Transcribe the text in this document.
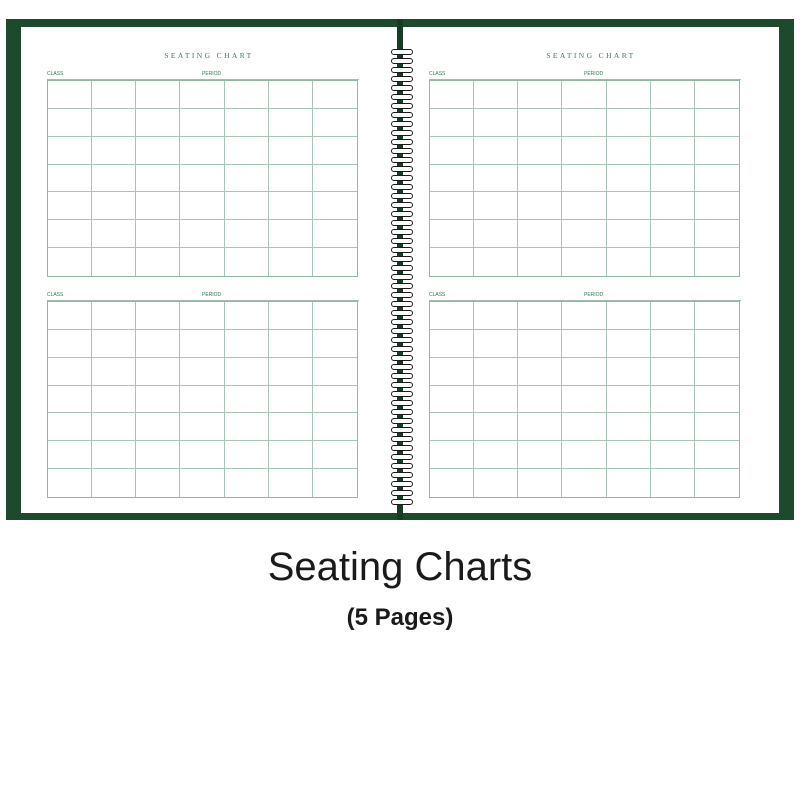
SEATING CHART
CLASS	PERIOD
CLASS	PERIOD
SEATING CHART
CLASS	PERIOD
CLASS	PERIOD
Seating Charts
(5 Pages)
